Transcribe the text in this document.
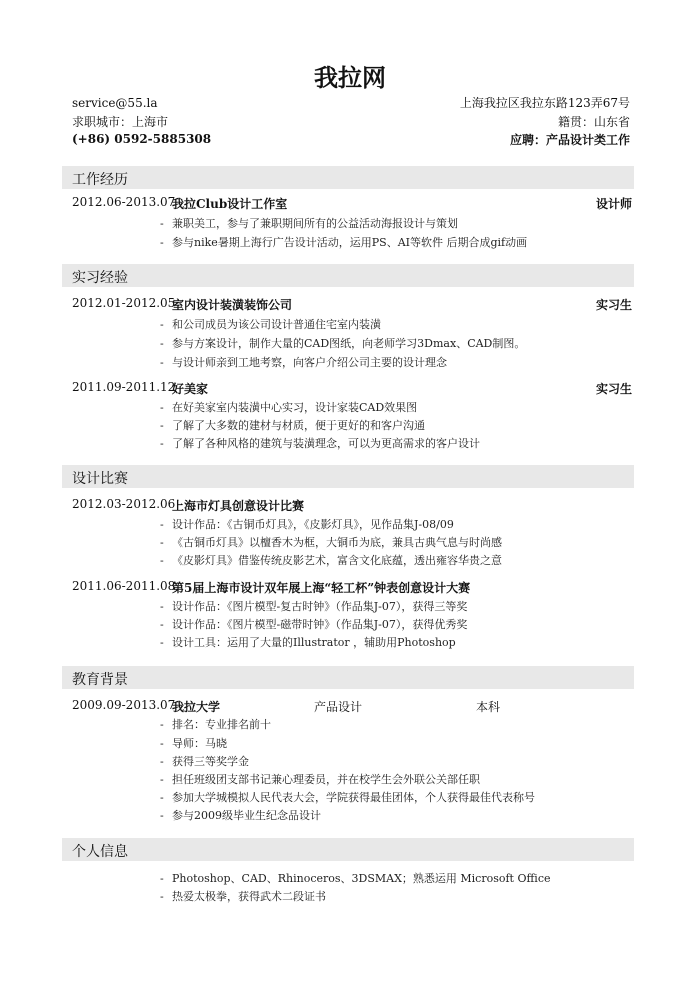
我拉网
service@55.la
求职城市：上海市
(+86) 0592-5885308
上海我拉区我拉东路123弄67号
籍贯：山东省
应聘：产品设计类工作
工作经历
2012.06-2013.07
我拉Club设计工作室	设计师
- 兼职美工，参与了兼职期间所有的公益活动海报设计与策划
- 参与nike暑期上海行广告设计活动，运用PS、AI等软件 后期合成gif动画
实习经验
2012.01-2012.05
室内设计装潢装饰公司	实习生
- 和公司成员为该公司设计普通住宅室内装潢
- 参与方案设计，制作大量的CAD图纸，向老师学习3Dmax、CAD制图。
- 与设计师亲到工地考察，向客户介绍公司主要的设计理念
2011.09-2011.12
好美家	实习生
- 在好美家室内装潢中心实习，设计家装CAD效果图
- 了解了大多数的建材与材质，便于更好的和客户沟通
- 了解了各种风格的建筑与装潢理念，可以为更高需求的客户设计
设计比赛
2012.03-2012.06
上海市灯具创意设计比赛
- 设计作品：《古铜币灯具》，《皮影灯具》，见作品集J-08/09
- 《古铜币灯具》以檀香木为框，大铜币为底，兼具古典气息与时尚感
- 《皮影灯具》借鉴传统皮影艺术，富含文化底蕴，透出雍容华贵之意
2011.06-2011.08
第5届上海市设计双年展上海“轻工杯”钟表创意设计大赛
- 设计作品：《图片模型-复古时钟》（作品集J-07），获得三等奖
- 设计作品：《图片模型-磁带时钟》（作品集J-07），获得优秀奖
- 设计工具：运用了大量的Illustrator ，辅助用Photoshop
教育背景
2009.09-2013.07
我拉大学	产品设计	本科
- 排名：专业排名前十
- 导师：马晓
- 获得三等奖学金
- 担任班级团支部书记兼心理委员，并在校学生会外联公关部任职
- 参加大学城模拟人民代表大会，学院获得最佳团体，个人获得最佳代表称号
- 参与2009级毕业生纪念品设计
个人信息
- Photoshop、CAD、Rhinoceros、3DSMAX；熟悉运用 Microsoft Office
- 热爱太极拳，获得武术二段证书
